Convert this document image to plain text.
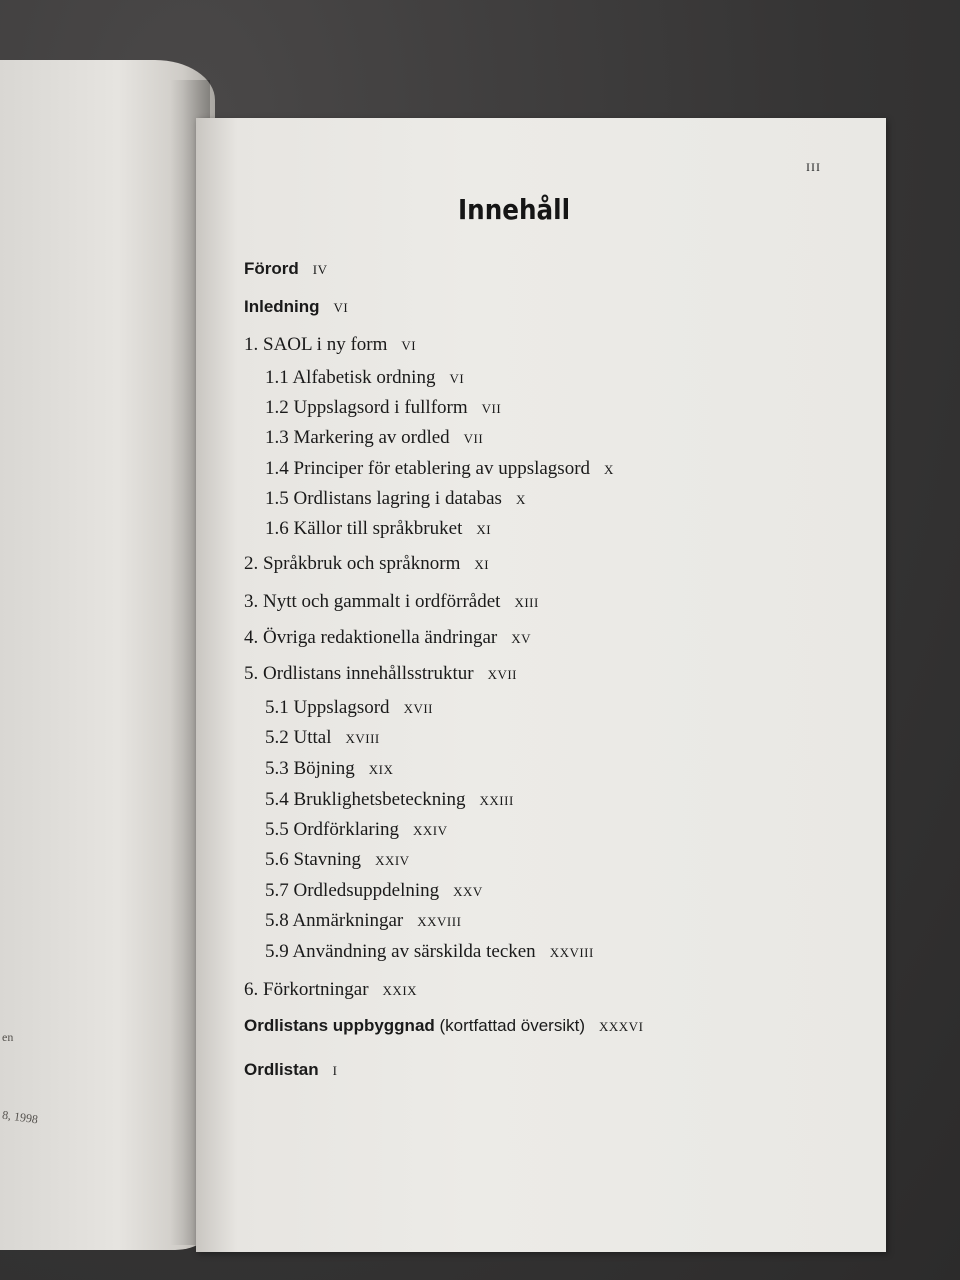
en
8, 1998
III
Innehåll
Förord IV
Inledning VI
1. SAOL i ny form VI
1.1 Alfabetisk ordning VI
1.2 Uppslagsord i fullform VII
1.3 Markering av ordled VII
1.4 Principer för etablering av uppslagsord X
1.5 Ordlistans lagring i databas X
1.6 Källor till språkbruket XI
2. Språkbruk och språknorm XI
3. Nytt och gammalt i ordförrådet XIII
4. Övriga redaktionella ändringar XV
5. Ordlistans innehållsstruktur XVII
5.1 Uppslagsord XVII
5.2 Uttal XVIII
5.3 Böjning XIX
5.4 Bruklighetsbeteckning XXIII
5.5 Ordförklaring XXIV
5.6 Stavning XXIV
5.7 Ordledsuppdelning XXV
5.8 Anmärkningar XXVIII
5.9 Användning av särskilda tecken XXVIII
6. Förkortningar XXIX
Ordlistans uppbyggnad (kortfattad översikt) XXXVI
Ordlistan I
